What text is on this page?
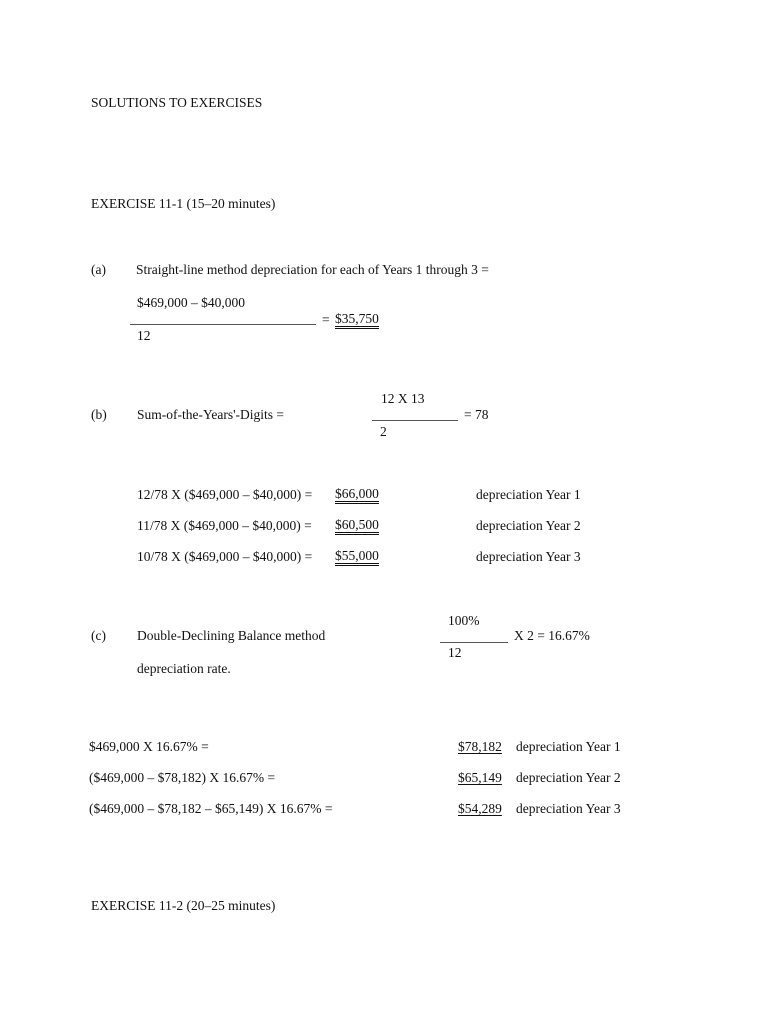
SOLUTIONS TO EXERCISES
EXERCISE 11-1 (15–20 minutes)
(a) Straight-line method depreciation for each of Years 1 through 3 =
$469,000 – $40,000
12
= $35,750
12 X 13
2
(b) Sum-of-the-Years'-Digits =	= 78
12/78 X ($469,000 – $40,000) = $66,000	depreciation Year 1
11/78 X ($469,000 – $40,000) = $60,500	depreciation Year 2
10/78 X ($469,000 – $40,000) = $55,000	depreciation Year 3
100%
12
(c) Double-Declining Balance method	X 2 = 16.67%
depreciation rate.
$469,000 X 16.67% =	$78,182 depreciation Year 1
($469,000 – $78,182) X 16.67% =	$65,149 depreciation Year 2
($469,000 – $78,182 – $65,149) X 16.67% =	$54,289 depreciation Year 3
EXERCISE 11-2 (20–25 minutes)
